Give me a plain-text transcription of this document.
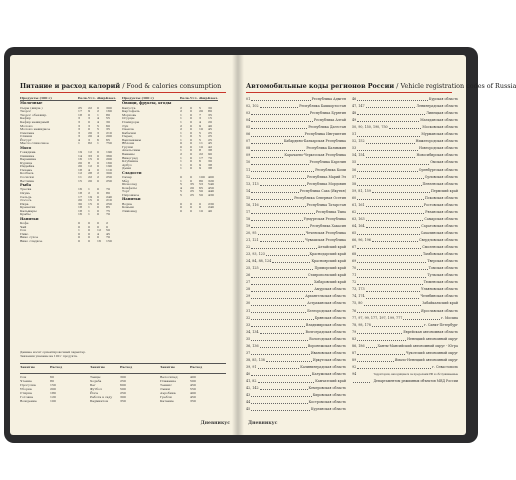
Питание и расход калорий / Food & calories consumption
Продукты (100 г)	Белк. Угл. Жир. Ккал.
Молочные
Сыры (жирн.)	25 22 0 300
Творог	17 9 2 160
Творог обезжир.	18 0 1 80
Кефир	3	3 4 55
Кефир нежирный	3	0 4 30
Молоко	3	3 5 60
Молоко нежирное	3	0 5 35
Сметана	3	20 3 210
Сливки	3	20 4 200
Йогурт	4	3 6 65
Масло сливочное	1	82 1 750
Мясо
Говядина	19 12 0 190
Свинина	14 33 0 360
Баранина	16 15 0 200
Курица	20 8 0 160
Индейка	20 12 0 190
Печень	18 4 0 110
Колбаса	12 28 2 300
Сосиски	11 22 2 250
Ветчина	15 20 0 250
Рыба
Треска	16 1 0 70
Окунь	18 2 0 80
Сельдь	17 19 0 240
Лосось	20 15 0 210
Икра	30 15 0 250
Креветки	18 1 0 85
Кальмары	18 1 0 75
Крабы	16 1 0 70
Напитки
Кофе	0	0 0 2
Чай	0	0 0 0
Сок	1	0 12 50
Пиво	0	0 4 45
Вино сухое	0	0 0 70
Вино сладкое	0	0 16 150
Продукты (100 г)	Белк. Угл. Жир. Ккал.
Овощи, фрукты, ягоды
Капуста	2	0 5 30
Картофель	2	0 20 80
Морковь	1	0 7 35
Огурцы	1	0 3 15
Помидоры	1	0 4 20
Лук	2	0 9 40
Свекла	2	0 10 45
Кабачки	1	0 5 25
Перец	1	0 5 25
Баклажаны	1	0 5 25
Яблоки	0	0 11 45
Груши	0	0 10 42
Апельсины	1	0 8 38
Бананы	2	0 22 90
Виноград	1	0 17 70
Клубника	1	0 6 30
Арбуз	1	0 9 38
Дыня	1	0 9 38
Сладости
Сахар	0	0 100 400
Мёд	1	0 80 320
Шоколад	5	35 53 540
Конфеты	4	20 65 450
Торт	5	25 50 440
Пирожное	5	25 50 430
Напитки
Водка	0	0 0 230
Коньяк	0	0 0 240
Лимонад	0	0 10 40
Данные носят ориентировочный характер.
Значения указаны на 100 г продукта.
Занятие	Расход	Занятие	Расход	Занятие	Расход
Сон	60	Танцы	300	Велосипед	400
Чтение	80	Ходьба	250	Плавание	500
Прогулка	150	Бег	600	Теннис	450
Уборка	200	Футбол	500	Лыжи	550
Стирка	180	Йога	250	Аэробика	400
Готовка	120	Работа в саду	300	Гребля	450
Вождение	100	Бадминтон	350	Катание	350
Дневникус
Автомобильные коды регионов России / Vehicle registration codes of Russia
01	Республика Адыгея
02, 102	Республика Башкортостан
03	Республика Бурятия
04	Республика Алтай
05	Республика Дагестан
06	Республика Ингушетия
07	Кабардино-Балкарская Республика
08	Республика Калмыкия
09	Карачаево-Черкесская Республика
10	Республика Карелия
11	Республика Коми
12	Республика Марий Эл
13, 113	Республика Мордовия
14	Республика Саха (Якутия)
15	Республика Северная Осетия
16, 116	Республика Татарстан
17	Республика Тыва
18	Удмуртская Республика
19	Республика Хакасия
20, 95	Чеченская Республика
21, 121	Чувашская Республика
22	Алтайский край
23, 93, 123	Краснодарский край
24, 84, 88, 124	Красноярский край
25, 125	Приморский край
26	Ставропольский край
27	Хабаровский край
28	Амурская область
29	Архангельская область
30	Астраханская область
31	Белгородская область
32	Брянская область
33	Владимирская область
34, 134	Волгоградская область
35	Вологодская область
36, 136	Воронежская область
37	Ивановская область
38, 85, 138	Иркутская область
39, 91	Калининградская область
40	Калужская область
41, 82	Камчатский край
42, 142	Кемеровская область
43	Кировская область
44	Костромская область
45	Курганская область
46	Курская область
47, 147	Ленинградская область
48	Липецкая область
49	Магаданская область
50, 90, 150, 190, 750	Московская область
51	Мурманская область
52, 152	Нижегородская область
53	Новгородская область
54, 154	Новосибирская область
55	Омская область
56	Оренбургская область
57	Орловская область
58	Пензенская область
59, 81, 159	Пермский край
60	Псковская область
61, 161	Ростовская область
62	Рязанская область
63, 163	Самарская область
64, 164	Саратовская область
65	Сахалинская область
66, 96, 196	Свердловская область
67	Смоленская область
68	Тамбовская область
69	Тверская область
70	Томская область
71	Тульская область
72	Тюменская область
73, 173	Ульяновская область
74, 174	Челябинская область
75, 80	Забайкальский край
76	Ярославская область
77, 97, 99, 177, 197, 199, 777	г. Москва
78, 98, 178	г. Санкт-Петербург
79	Еврейская автономная область
83	Ненецкий автономный округ
86, 186	Ханты-Мансийский автономный округ - Югра
87	Чукотский автономный округ
89	Ямало-Ненецкий автономный округ
92	г. Севастополь
94	Территории, находящиеся за пределами РФ и обслуживаемые
Департаментом режимных объектов МВД России
Дневникус
